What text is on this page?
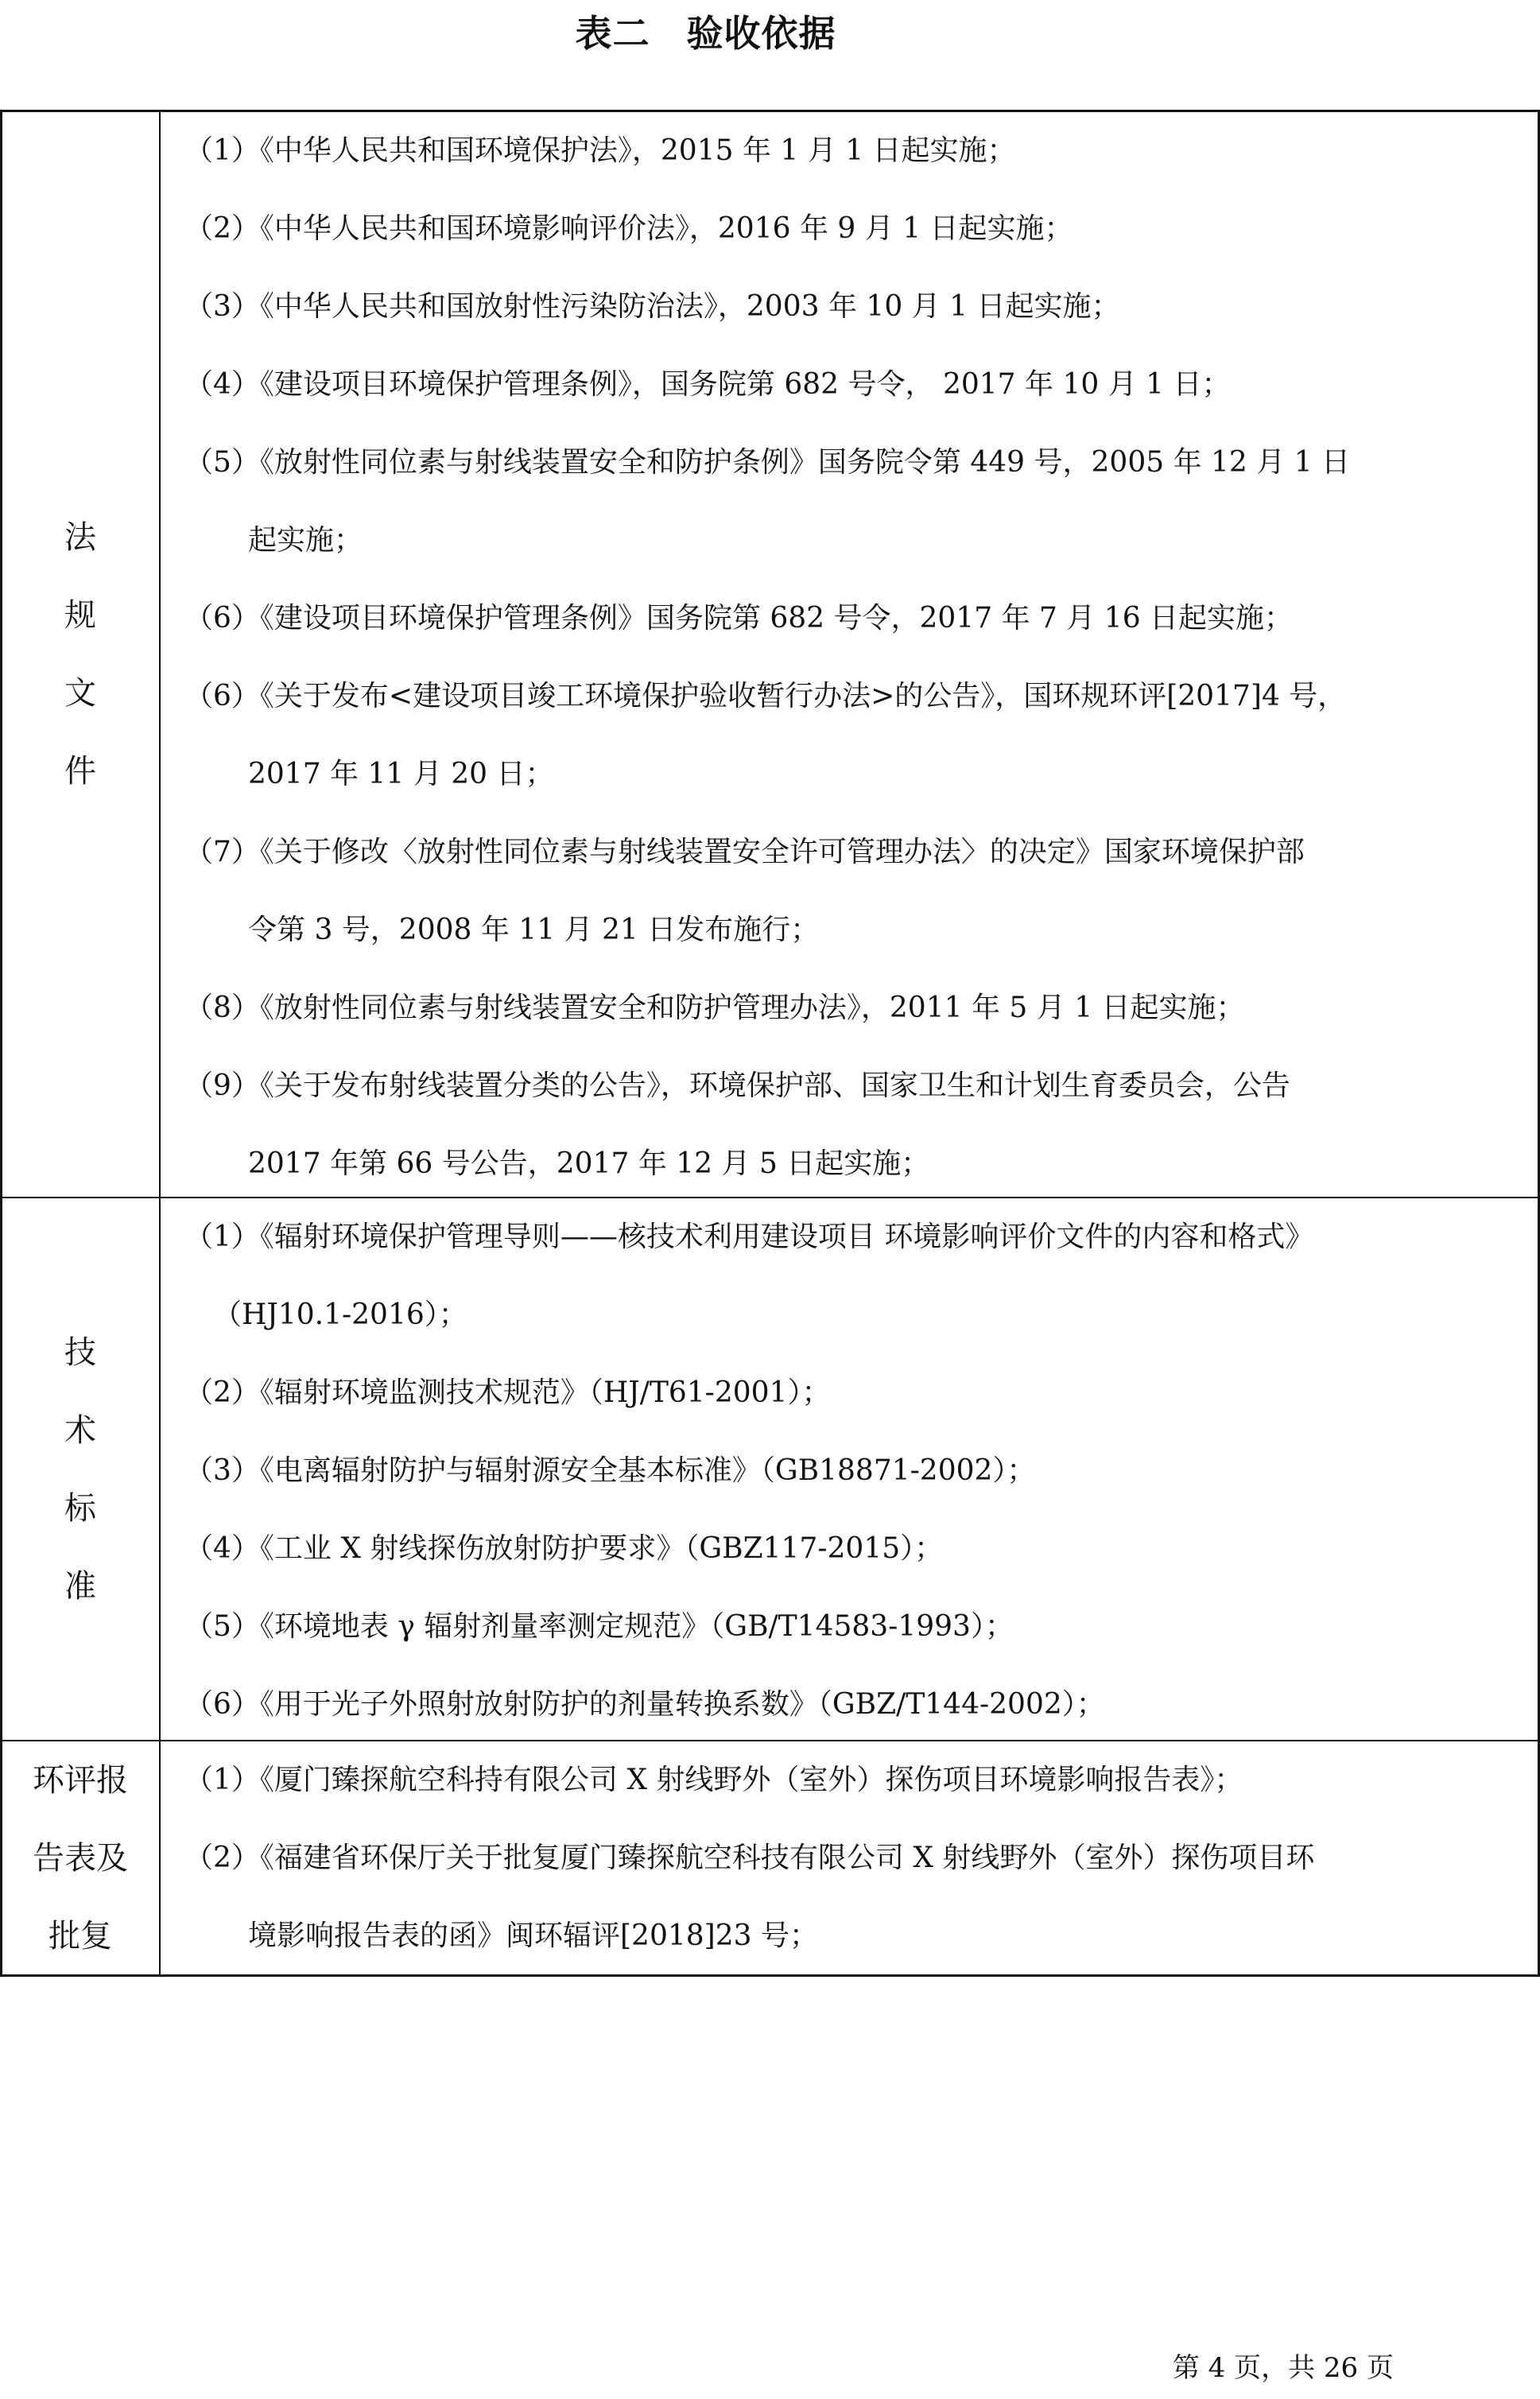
表二 验收依据
法
规
文
件
（1）《中华人民共和国环境保护法》，2015 年 1 月 1 日起实施；
（2）《中华人民共和国环境影响评价法》，2016 年 9 月 1 日起实施；
（3）《中华人民共和国放射性污染防治法》，2003 年 10 月 1 日起实施；
（4）《建设项目环境保护管理条例》，国务院第 682 号令， 2017 年 10 月 1 日；
（5）《放射性同位素与射线装置安全和防护条例》国务院令第 449 号，2005 年 12 月 1 日
起实施；
（6）《建设项目环境保护管理条例》国务院第 682 号令，2017 年 7 月 16 日起实施；
（6）《关于发布<建设项目竣工环境保护验收暂行办法>的公告》，国环规环评[2017]4 号，
2017 年 11 月 20 日；
（7）《关于修改〈放射性同位素与射线装置安全许可管理办法〉的决定》国家环境保护部
令第 3 号，2008 年 11 月 21 日发布施行；
（8）《放射性同位素与射线装置安全和防护管理办法》，2011 年 5 月 1 日起实施；
（9）《关于发布射线装置分类的公告》，环境保护部、国家卫生和计划生育委员会，公告
2017 年第 66 号公告，2017 年 12 月 5 日起实施；
技
术
标
准
（1）《辐射环境保护管理导则——核技术利用建设项目 环境影响评价文件的内容和格式》
（HJ10.1-2016）；
（2）《辐射环境监测技术规范》（HJ/T61-2001）；
（3）《电离辐射防护与辐射源安全基本标准》（GB18871-2002）；
（4）《工业 X 射线探伤放射防护要求》（GBZ117-2015）；
（5）《环境地表 γ 辐射剂量率测定规范》（GB/T14583-1993）；
（6）《用于光子外照射放射防护的剂量转换系数》（GBZ/T144-2002）；
环评报
告表及
批复
（1）《厦门臻探航空科持有限公司 X 射线野外（室外）探伤项目环境影响报告表》；
（2）《福建省环保厅关于批复厦门臻探航空科技有限公司 X 射线野外（室外）探伤项目环
境影响报告表的函》闽环辐评[2018]23 号；
第 4 页，共 26 页
